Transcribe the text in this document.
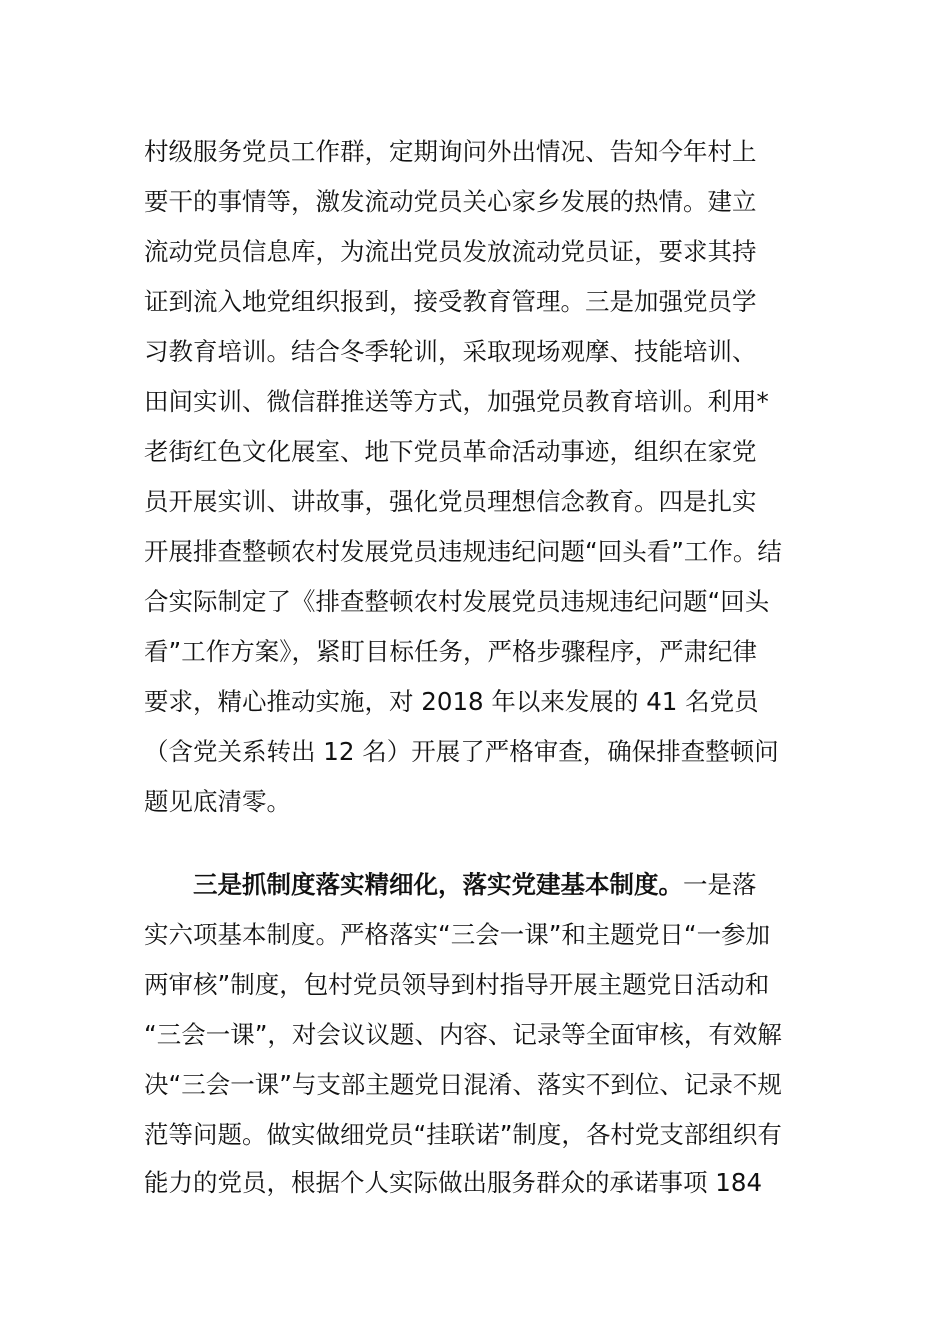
村级服务党员工作群，定期询问外出情况、告知今年村上
要干的事情等，激发流动党员关心家乡发展的热情。建立
流动党员信息库，为流出党员发放流动党员证，要求其持
证到流入地党组织报到，接受教育管理。三是加强党员学
习教育培训。结合冬季轮训，采取现场观摩、技能培训、
田间实训、微信群推送等方式，加强党员教育培训。利用*
老街红色文化展室、地下党员革命活动事迹，组织在家党
员开展实训、讲故事，强化党员理想信念教育。四是扎实
开展排查整顿农村发展党员违规违纪问题“回头看”工作。结
合实际制定了《排查整顿农村发展党员违规违纪问题“回头
看”工作方案》，紧盯目标任务，严格步骤程序，严肃纪律
要求，精心推动实施，对 2018 年以来发展的 41 名党员
（含党关系转出 12 名）开展了严格审查，确保排查整顿问
题见底清零。
三是抓制度落实精细化，落实党建基本制度。一是落
实六项基本制度。严格落实“三会一课”和主题党日“一参加
两审核”制度，包村党员领导到村指导开展主题党日活动和
“三会一课”，对会议议题、内容、记录等全面审核，有效解
决“三会一课”与支部主题党日混淆、落实不到位、记录不规
范等问题。做实做细党员“挂联诺”制度，各村党支部组织有
能力的党员，根据个人实际做出服务群众的承诺事项 184
